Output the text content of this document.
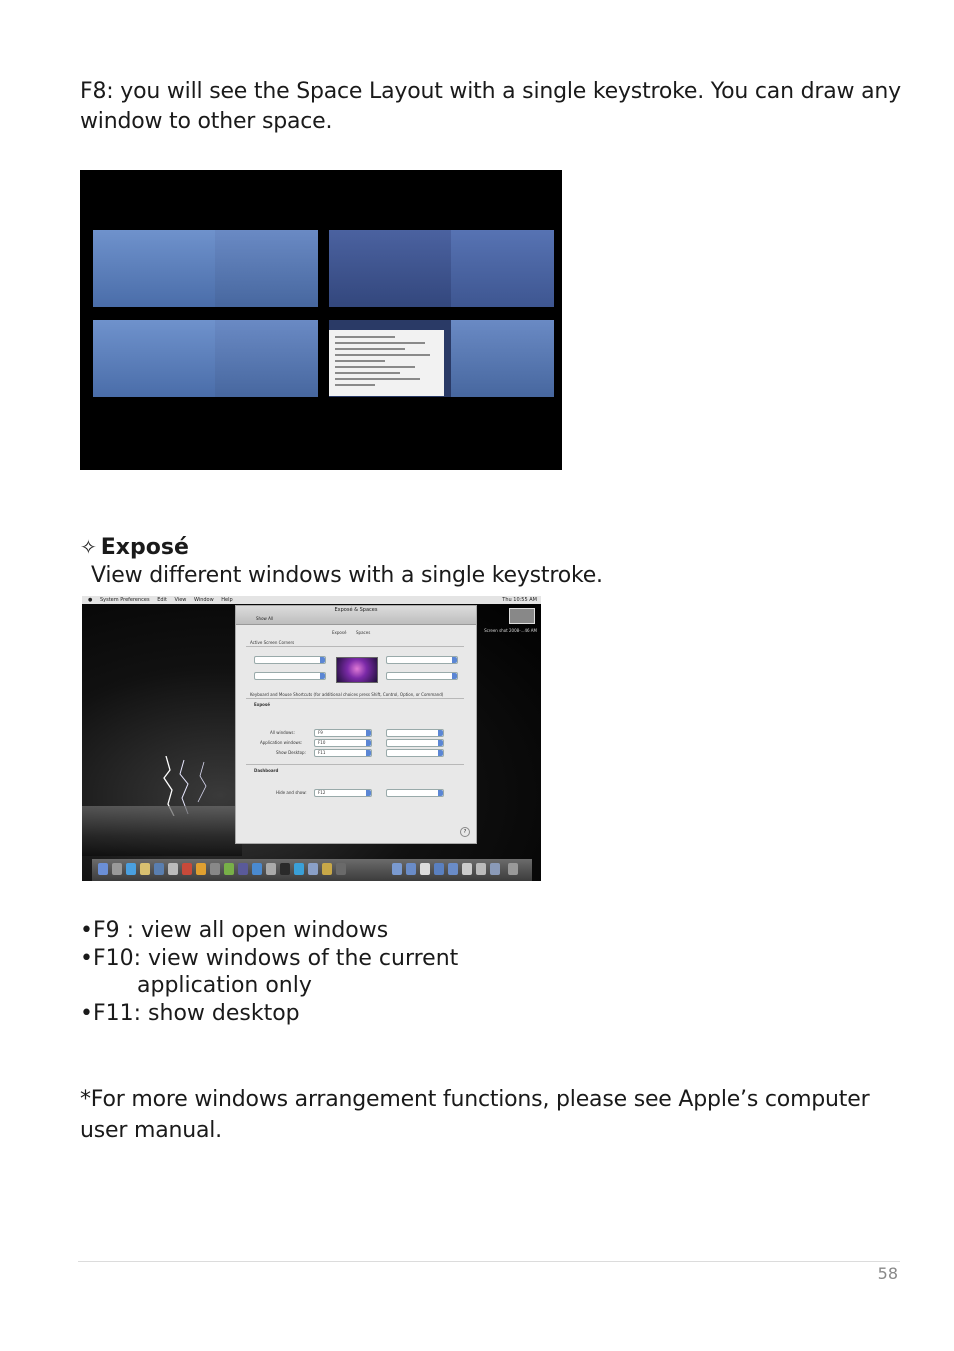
F8: you will see the Space Layout with a single keystroke. You can draw any window to other space.
✧ Exposé
View different windows with a single keystroke.
● System Preferences Edit View Window Help	Thu 10:55 AM
Exposé & Spaces
Show All
Exposé Spaces
Active Screen Corners
Keyboard and Mouse Shortcuts (for additional choices press Shift, Control, Option, or Command)
Exposé
All windows:	F9
Application windows:	F10
Show Desktop:	F11
Dashboard
Hide and show:	F12
?
Screen shot 2008-...46 AM
•F9 : view all open windows
•F10: view windows of the current
application only
•F11: show desktop
*For more windows arrangement functions, please see Apple’s computer user manual.
58
